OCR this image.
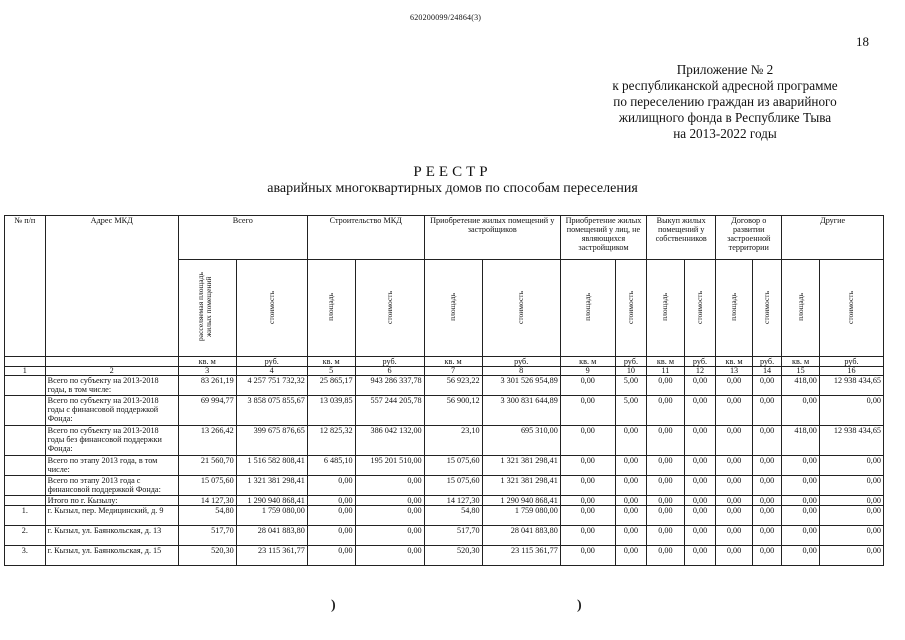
620200099/24864(3)
18
Приложение № 2
к республиканской адресной программе
по переселению граждан из аварийного
жилищного фонда в Республике Тыва
на 2013-2022 годы
РЕЕСТР
аварийных многоквартирных домов по способам переселения
№ п/п	Адрес МКД	Всего		Строительство МКД		Приобретение жилых помещений у застройщиков		Приобретение жилых помещений у лиц, не являющихся застройщиком		Выкуп жилых помещений у собственников		Договор о развитии застроенной территории		Другие	
		расселяемая площадь жилых помещений	стоимость	площадь	стоимость	площадь	стоимость	площадь	стоимость	площадь	стоимость	площадь	стоимость	площадь	стоимость
		кв. м	руб.	кв. м	руб.	кв. м	руб.	кв. м	руб.	кв. м	руб.	кв. м	руб.	кв. м	руб.
1	2	3	4	5	6	7	8	9	10	11	12	13	14	15	16
	Всего по субъекту на 2013-2018 годы, в том числе:	83 261,19	4 257 751 732,32	25 865,17	943 286 337,78	56 923,22	3 301 526 954,89	0,00	5,00	0,00	0,00	0,00	0,00	418,00	12 938 434,65
	Всего по субъекту на 2013-2018 годы с финансовой поддержкой Фонда:	69 994,77	3 858 075 855,67	13 039,85	557 244 205,78	56 900,12	3 300 831 644,89	0,00	5,00	0,00	0,00	0,00	0,00	0,00	0,00
	Всего по субъекту на 2013-2018 годы без финансовой поддержки Фонда:	13 266,42	399 675 876,65	12 825,32	386 042 132,00	23,10	695 310,00	0,00	0,00	0,00	0,00	0,00	0,00	418,00	12 938 434,65
	Всего по этапу 2013 года, в том числе:	21 560,70	1 516 582 808,41	6 485,10	195 201 510,00	15 075,60	1 321 381 298,41	0,00	0,00	0,00	0,00	0,00	0,00	0,00	0,00
	Всего по этапу 2013 года с финансовой поддержкой Фонда:	15 075,60	1 321 381 298,41	0,00	0,00	15 075,60	1 321 381 298,41	0,00	0,00	0,00	0,00	0,00	0,00	0,00	0,00
	Итого по г. Кызылу:	14 127,30	1 290 940 868,41	0,00	0,00	14 127,30	1 290 940 868,41	0,00	0,00	0,00	0,00	0,00	0,00	0,00	0,00
1.	г. Кызыл, пер. Медицинский, д. 9	54,80	1 759 080,00	0,00	0,00	54,80	1 759 080,00	0,00	0,00	0,00	0,00	0,00	0,00	0,00	0,00
2.	г. Кызыл, ул. Баянкольская, д. 13	517,70	28 041 883,80	0,00	0,00	517,70	28 041 883,80	0,00	0,00	0,00	0,00	0,00	0,00	0,00	0,00
3.	г. Кызыл, ул. Баянкольская, д. 15	520,30	23 115 361,77	0,00	0,00	520,30	23 115 361,77	0,00	0,00	0,00	0,00	0,00	0,00	0,00	0,00
)	)
